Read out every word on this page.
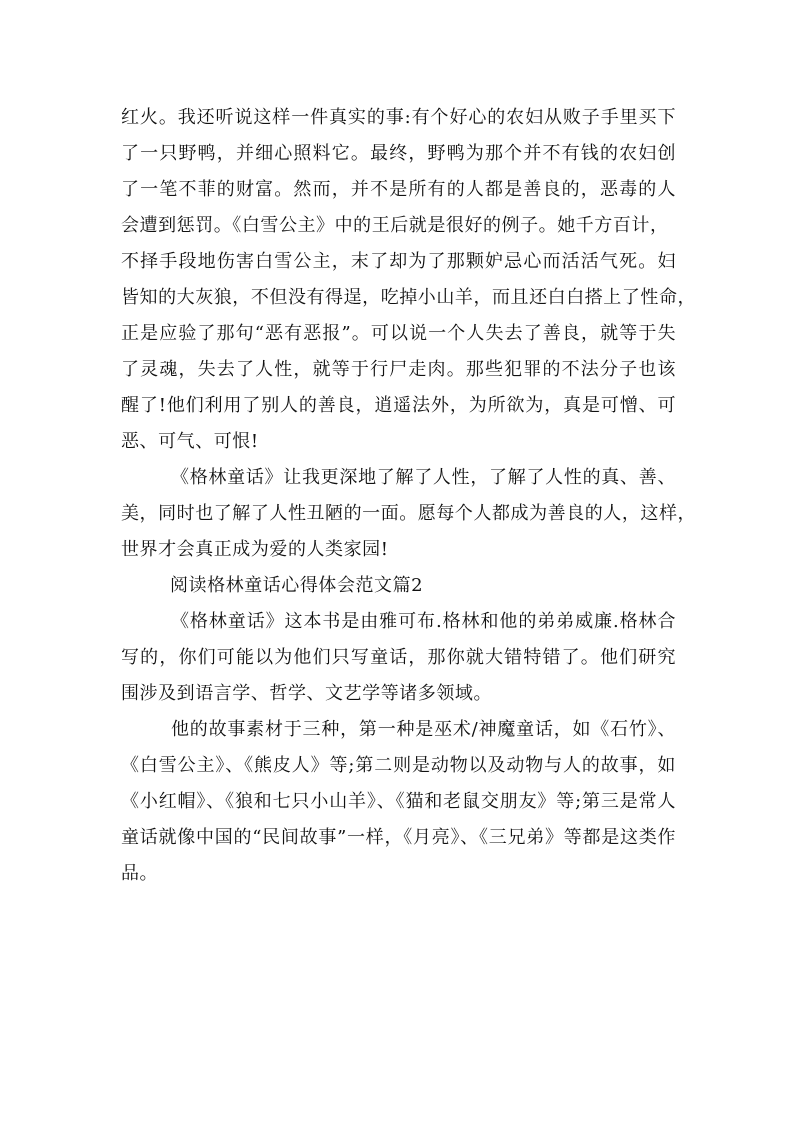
红火。我还听说这样一件真实的事:有个好心的农妇从败子手里买下
了一只野鸭，并细心照料它。最终，野鸭为那个并不有钱的农妇创
了一笔不菲的财富。然而，并不是所有的人都是善良的，恶毒的人
会遭到惩罚。《白雪公主》中的王后就是很好的例子。她千方百计，
不择手段地伤害白雪公主，末了却为了那颗妒忌心而活活气死。妇
皆知的大灰狼，不但没有得逞，吃掉小山羊，而且还白白搭上了性命，
正是应验了那句“恶有恶报”。可以说一个人失去了善良，就等于失
了灵魂，失去了人性，就等于行尸走肉。那些犯罪的不法分子也该
醒了!他们利用了别人的善良，逍遥法外，为所欲为，真是可憎、可
恶、可气、可恨!
《格林童话》让我更深地了解了人性，了解了人性的真、善、
美，同时也了解了人性丑陋的一面。愿每个人都成为善良的人，这样，
世界才会真正成为爱的人类家园!
阅读格林童话心得体会范文篇2
《格林童话》这本书是由雅可布.格林和他的弟弟威廉.格林合
写的，你们可能以为他们只写童话，那你就大错特错了。他们研究
围涉及到语言学、哲学、文艺学等诸多领域。
他的故事素材于三种，第一种是巫术/神魔童话，如《石竹》、
《白雪公主》、《熊皮人》等;第二则是动物以及动物与人的故事，如
《小红帽》、《狼和七只小山羊》、《猫和老鼠交朋友》等;第三是常人
童话就像中国的“民间故事”一样，《月亮》、《三兄弟》等都是这类作
品。
